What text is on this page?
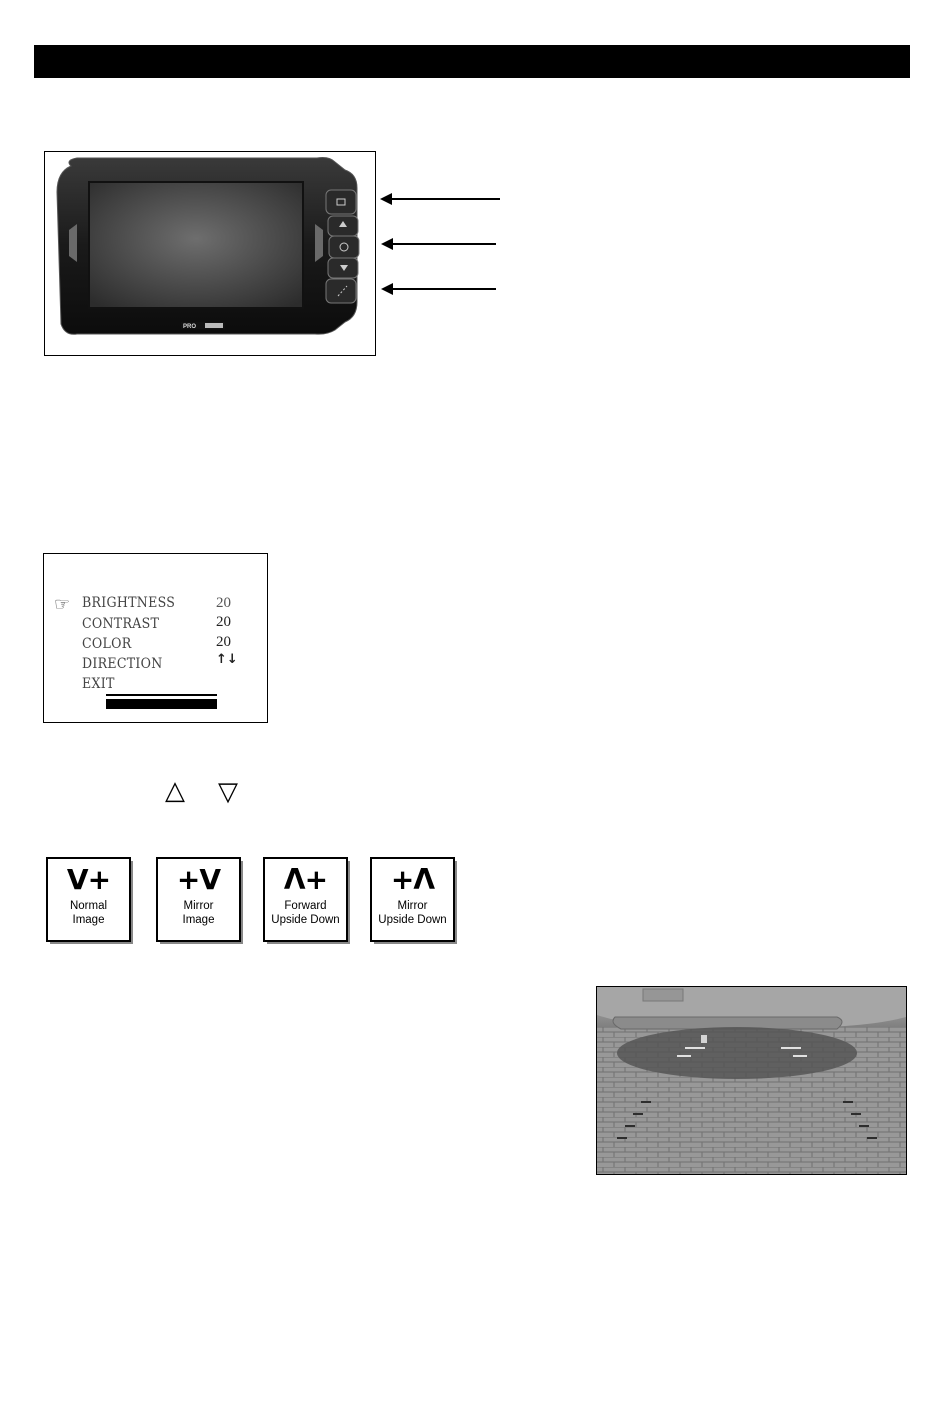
PRO
☞ BRIGHTNESS	20
CONTRAST	20
COLOR	20
DIRECTION	↑↓
EXIT
△ ▽
V+
Normal
Image
+V
Mirror
Image
Λ+
Forward
Upside Down
+Λ
Mirror
Upside Down
